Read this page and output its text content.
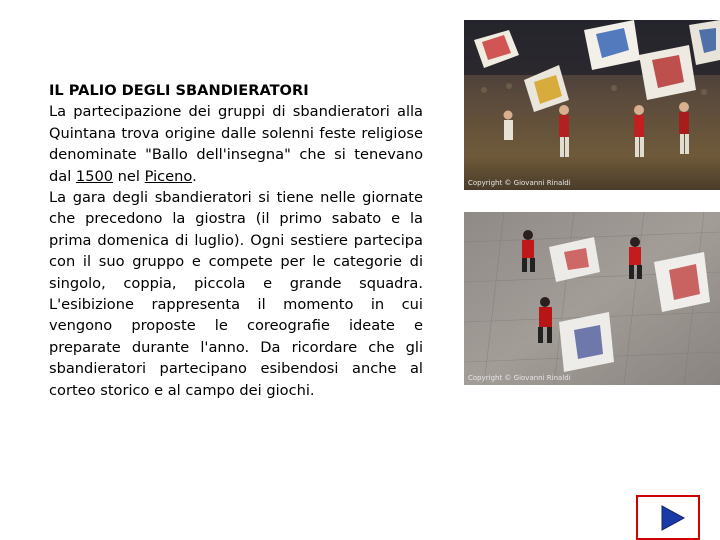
IL PALIO DEGLI SBANDIERATORI
La partecipazione dei gruppi di sbandieratori alla Quintana trova origine dalle solenni feste religiose denominate "Ballo dell'insegna" che si tenevano dal 1500 nel Piceno.
La gara degli sbandieratori si tiene nelle giornate che precedono la giostra (il primo sabato e la prima domenica di luglio). Ogni sestiere partecipa con il suo gruppo e compete per le categorie di singolo, coppia, piccola e grande squadra. L'esibizione rappresenta il momento in cui vengono proposte le coreografie ideate e preparate durante l'anno. Da ricordare che gli sbandieratori partecipano esibendosi anche al corteo storico e al campo dei giochi.
Copyright © Giovanni Rinaldi
Copyright © Giovanni Rinaldi
